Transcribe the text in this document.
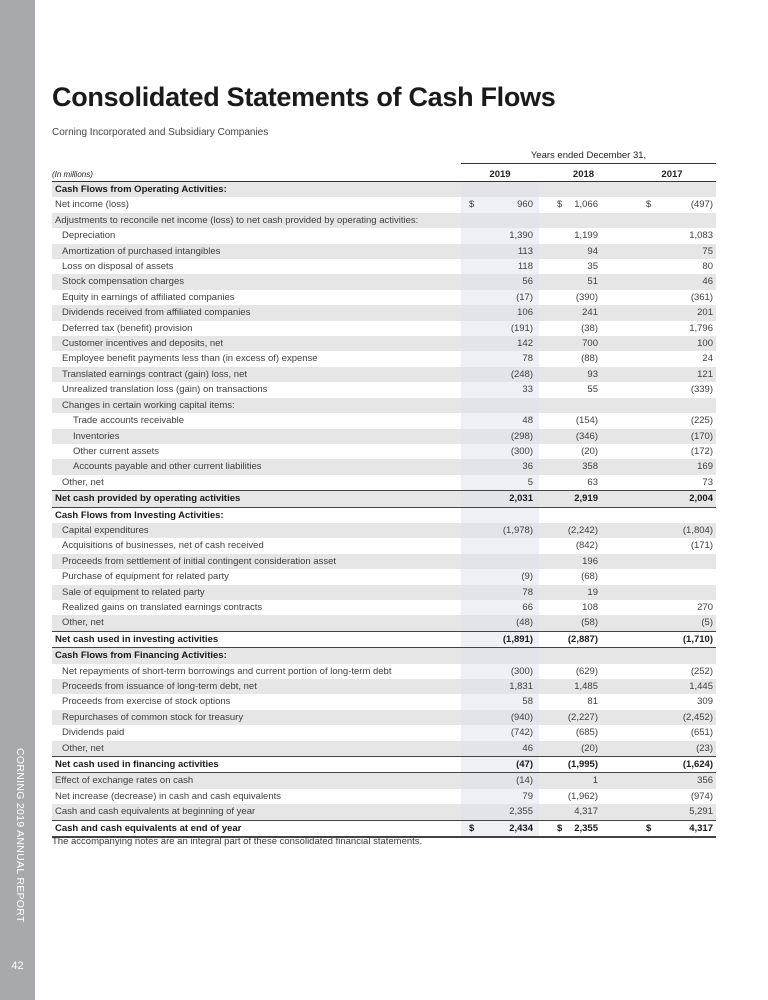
CORNING 2019 ANNUAL REPORT
42
Consolidated Statements of Cash Flows
Corning Incorporated and Subsidiary Companies
Years ended December 31,
(In millions)	2019	2018	2017
Cash Flows from Operating Activities:			
Net income (loss)	$ 960	$ 1,066	$ (497)
Adjustments to reconcile net income (loss) to net cash provided by operating activities:			
Depreciation	1,390	1,199	1,083
Amortization of purchased intangibles	113	94	75
Loss on disposal of assets	118	35	80
Stock compensation charges	56	51	46
Equity in earnings of affiliated companies	(17)	(390)	(361)
Dividends received from affiliated companies	106	241	201
Deferred tax (benefit) provision	(191)	(38)	1,796
Customer incentives and deposits, net	142	700	100
Employee benefit payments less than (in excess of) expense	78	(88)	24
Translated earnings contract (gain) loss, net	(248)	93	121
Unrealized translation loss (gain) on transactions	33	55	(339)
Changes in certain working capital items:			
Trade accounts receivable	48	(154)	(225)
Inventories	(298)	(346)	(170)
Other current assets	(300)	(20)	(172)
Accounts payable and other current liabilities	36	358	169
Other, net	5	63	73
Net cash provided by operating activities	2,031	2,919	2,004
Cash Flows from Investing Activities:			
Capital expenditures	(1,978)	(2,242)	(1,804)
Acquisitions of businesses, net of cash received		(842)	(171)
Proceeds from settlement of initial contingent consideration asset		196	
Purchase of equipment for related party	(9)	(68)	
Sale of equipment to related party	78	19	
Realized gains on translated earnings contracts	66	108	270
Other, net	(48)	(58)	(5)
Net cash used in investing activities	(1,891)	(2,887)	(1,710)
Cash Flows from Financing Activities:			
Net repayments of short-term borrowings and current portion of long-term debt	(300)	(629)	(252)
Proceeds from issuance of long-term debt, net	1,831	1,485	1,445
Proceeds from exercise of stock options	58	81	309
Repurchases of common stock for treasury	(940)	(2,227)	(2,452)
Dividends paid	(742)	(685)	(651)
Other, net	46	(20)	(23)
Net cash used in financing activities	(47)	(1,995)	(1,624)
Effect of exchange rates on cash	(14)	1	356
Net increase (decrease) in cash and cash equivalents	79	(1,962)	(974)
Cash and cash equivalents at beginning of year	2,355	4,317	5,291
Cash and cash equivalents at end of year	$ 2,434	$ 2,355	$ 4,317
The accompanying notes are an integral part of these consolidated financial statements.
